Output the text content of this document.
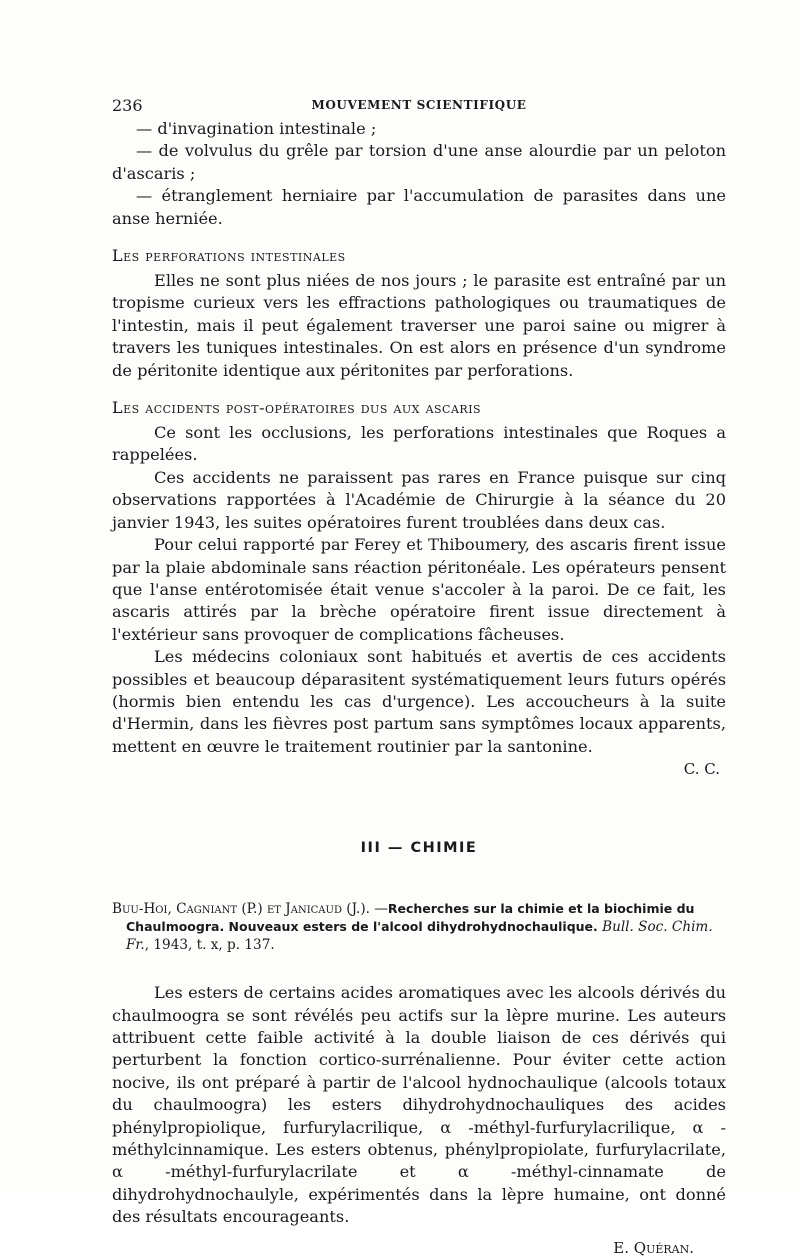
236	MOUVEMENT SCIENTIFIQUE

— d'invagination intestinale ;

— de volvulus du grêle par torsion d'une anse alourdie par un peloton d'ascaris ;

— étranglement herniaire par l'accumulation de parasites dans une anse herniée.

Les perforations intestinales

Elles ne sont plus niées de nos jours ; le parasite est entraîné par un tropisme curieux vers les effractions pathologiques ou traumatiques de l'intestin, mais il peut également traverser une paroi saine ou migrer à travers les tuniques intestinales. On est alors en présence d'un syndrome de péritonite identique aux péritonites par perforations.

Les accidents post-opératoires dus aux ascaris

Ce sont les occlusions, les perforations intestinales que Roques a rappelées.

Ces accidents ne paraissent pas rares en France puisque sur cinq observations rapportées à l'Académie de Chirurgie à la séance du 20 janvier 1943, les suites opératoires furent troublées dans deux cas.

Pour celui rapporté par Ferey et Thiboumery, des ascaris firent issue par la plaie abdominale sans réaction péritonéale. Les opérateurs pensent que l'anse entérotomisée était venue s'accoler à la paroi. De ce fait, les ascaris attirés par la brèche opératoire firent issue directement à l'extérieur sans provoquer de complications fâcheuses.

Les médecins coloniaux sont habitués et avertis de ces accidents possibles et beaucoup déparasitent systématiquement leurs futurs opérés (hormis bien entendu les cas d'urgence). Les accoucheurs à la suite d'Hermin, dans les fièvres post partum sans symptômes locaux apparents, mettent en œuvre le traitement routinier par la santonine.

C. C.
III — CHIMIE

Buu-Hoi, Cagniant (P.) et Janicaud (J.). —Recherches sur la chimie et la biochimie du Chaulmoogra. Nouveaux esters de l'alcool dihydrohydnochaulique. Bull. Soc. Chim. Fr., 1943, t. x, p. 137.

Les esters de certains acides aromatiques avec les alcools dérivés du chaulmoogra se sont révélés peu actifs sur la lèpre murine. Les auteurs attribuent cette faible activité à la double liaison de ces dérivés qui perturbent la fonction cortico-surrénalienne. Pour éviter cette action nocive, ils ont préparé à partir de l'alcool hydnochaulique (alcools totaux du chaulmoogra) les esters dihydrohydnochauliques des acides phénylpropiolique, furfurylacrilique, α -méthyl-furfurylacrilique, α -méthylcinnamique. Les esters obtenus, phénylpropiolate, furfurylacrilate, α -méthyl-furfurylacrilate et α -méthyl-cinnamate de dihydrohydnochaulyle, expérimentés dans la lèpre humaine, ont donné des résultats encourageants.

E. Quéran.
